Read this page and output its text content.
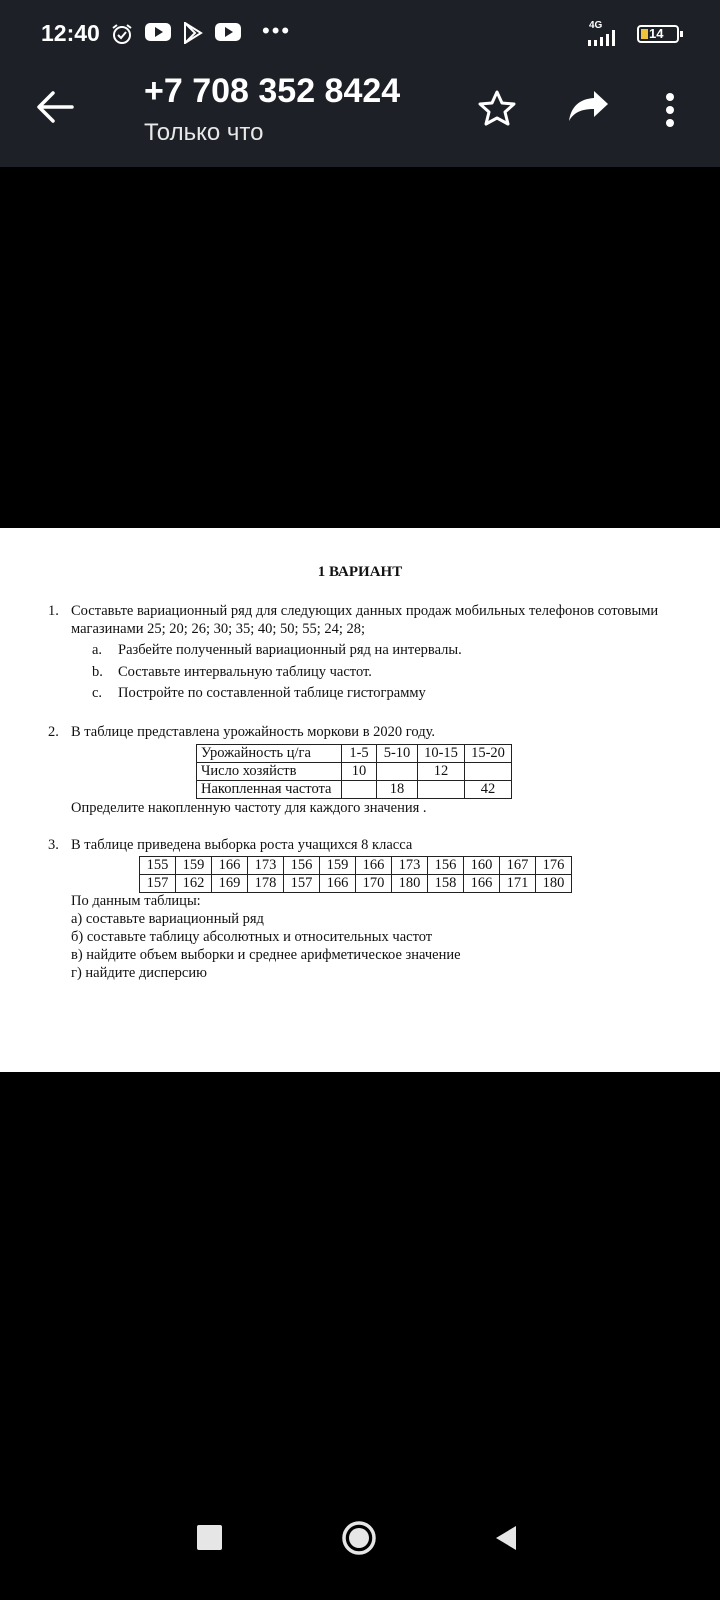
12:40	•••	4G
14
+7 708 352 8424
Только что
1 ВАРИАНТ
1. Составьте вариационный ряд для следующих данных продаж мобильных телефонов сотовыми
магазинами 25; 20; 26; 30; 35; 40; 50; 55; 24; 28;
a. Разбейте полученный вариационный ряд на интервалы.
b. Составьте интервальную таблицу частот.
c. Постройте по составленной таблице гистограмму
2. В таблице представлена урожайность моркови в 2020 году.
Урожайность ц/га	1-5	5-10	10-15	15-20
Число хозяйств	10		12	
Накопленная частота		18		42
Определите накопленную частоту для каждого значения .
3. В таблице приведена выборка роста учащихся 8 класса
155	159	166	173	156	159	166	173	156	160	167	176
157	162	169	178	157	166	170	180	158	166	171	180
По данным таблицы:
а) составьте вариационный ряд
б) составьте таблицу абсолютных и относительных частот
в) найдите объем выборки и среднее арифметическое значение
г) найдите дисперсию
